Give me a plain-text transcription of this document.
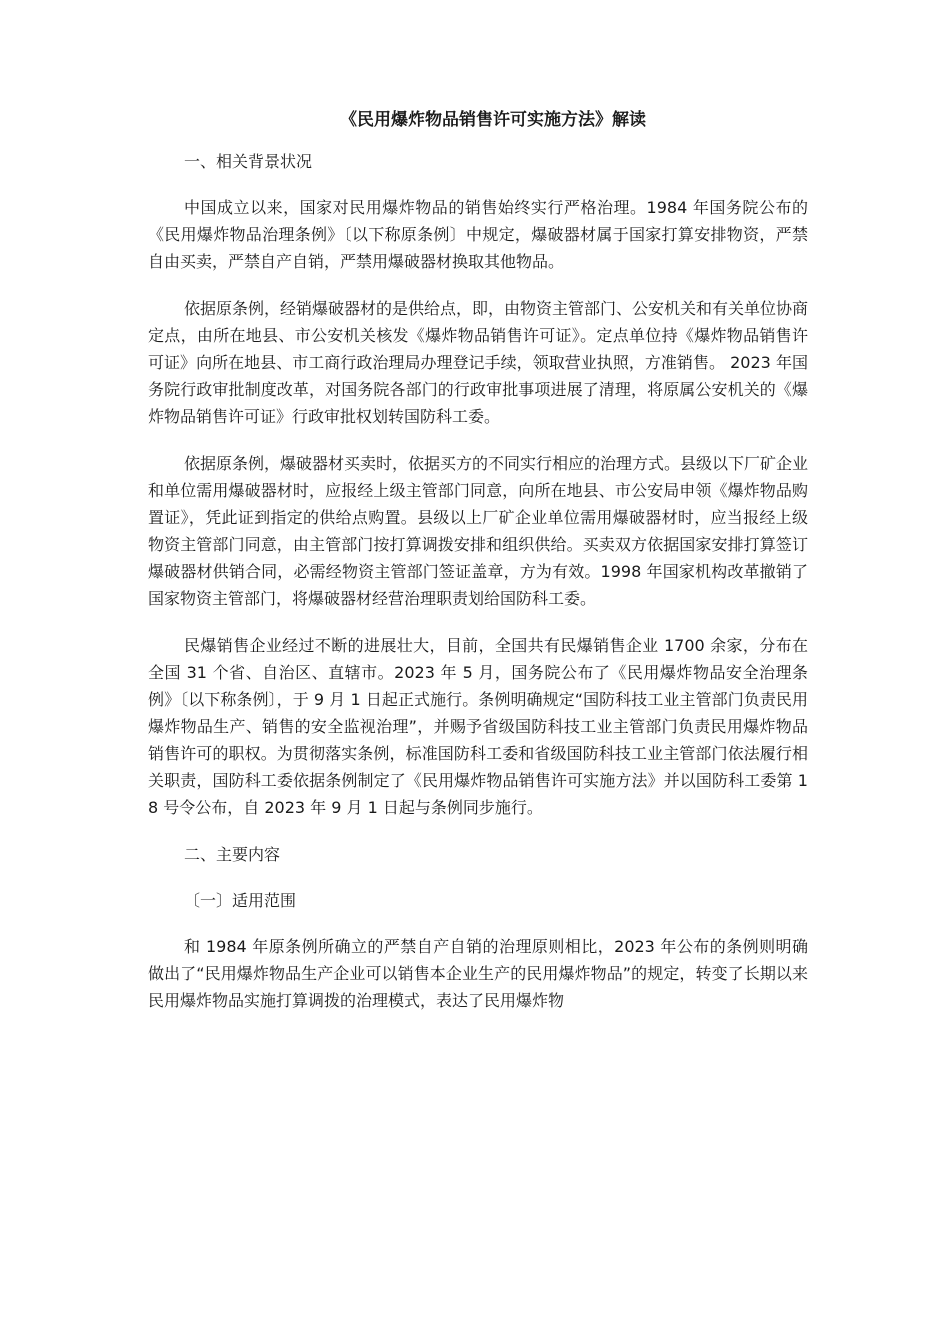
《民用爆炸物品销售许可实施方法》解读

一、相关背景状况

中国成立以来，国家对民用爆炸物品的销售始终实行严格治理。1984 年国务院公布的《民用爆炸物品治理条例》〔以下称原条例〕中规定，爆破器材属于国家打算安排物资，严禁自由买卖，严禁自产自销，严禁用爆破器材换取其他物品。

依据原条例，经销爆破器材的是供给点，即，由物资主管部门、公安机关和有关单位协商定点，由所在地县、市公安机关核发《爆炸物品销售许可证》。定点单位持《爆炸物品销售许可证》向所在地县、市工商行政治理局办理登记手续，领取营业执照，方准销售。 2023 年国务院行政审批制度改革，对国务院各部门的行政审批事项进展了清理，将原属公安机关的《爆炸物品销售许可证》行政审批权划转国防科工委。

依据原条例，爆破器材买卖时，依据买方的不同实行相应的治理方式。县级以下厂矿企业和单位需用爆破器材时，应报经上级主管部门同意，向所在地县、市公安局申领《爆炸物品购置证》，凭此证到指定的供给点购置。县级以上厂矿企业单位需用爆破器材时，应当报经上级物资主管部门同意，由主管部门按打算调拨安排和组织供给。买卖双方依据国家安排打算签订爆破器材供销合同，必需经物资主管部门签证盖章，方为有效。1998 年国家机构改革撤销了国家物资主管部门，将爆破器材经营治理职责划给国防科工委。

民爆销售企业经过不断的进展壮大，目前，全国共有民爆销售企业 1700 余家，分布在全国 31 个省、自治区、直辖市。2023 年 5 月，国务院公布了《民用爆炸物品安全治理条例》〔以下称条例〕，于 9 月 1 日起正式施行。条例明确规定“国防科技工业主管部门负责民用爆炸物品生产、销售的安全监视治理”，并赐予省级国防科技工业主管部门负责民用爆炸物品销售许可的职权。为贯彻落实条例，标准国防科工委和省级国防科技工业主管部门依法履行相关职责，国防科工委依据条例制定了《民用爆炸物品销售许可实施方法》并以国防科工委第 18 号令公布，自 2023 年 9 月 1 日起与条例同步施行。

二、主要内容

〔一〕适用范围

和 1984 年原条例所确立的严禁自产自销的治理原则相比，2023 年公布的条例则明确做出了“民用爆炸物品生产企业可以销售本企业生产的民用爆炸物品”的规定，转变了长期以来民用爆炸物品实施打算调拨的治理模式，表达了民用爆炸物
